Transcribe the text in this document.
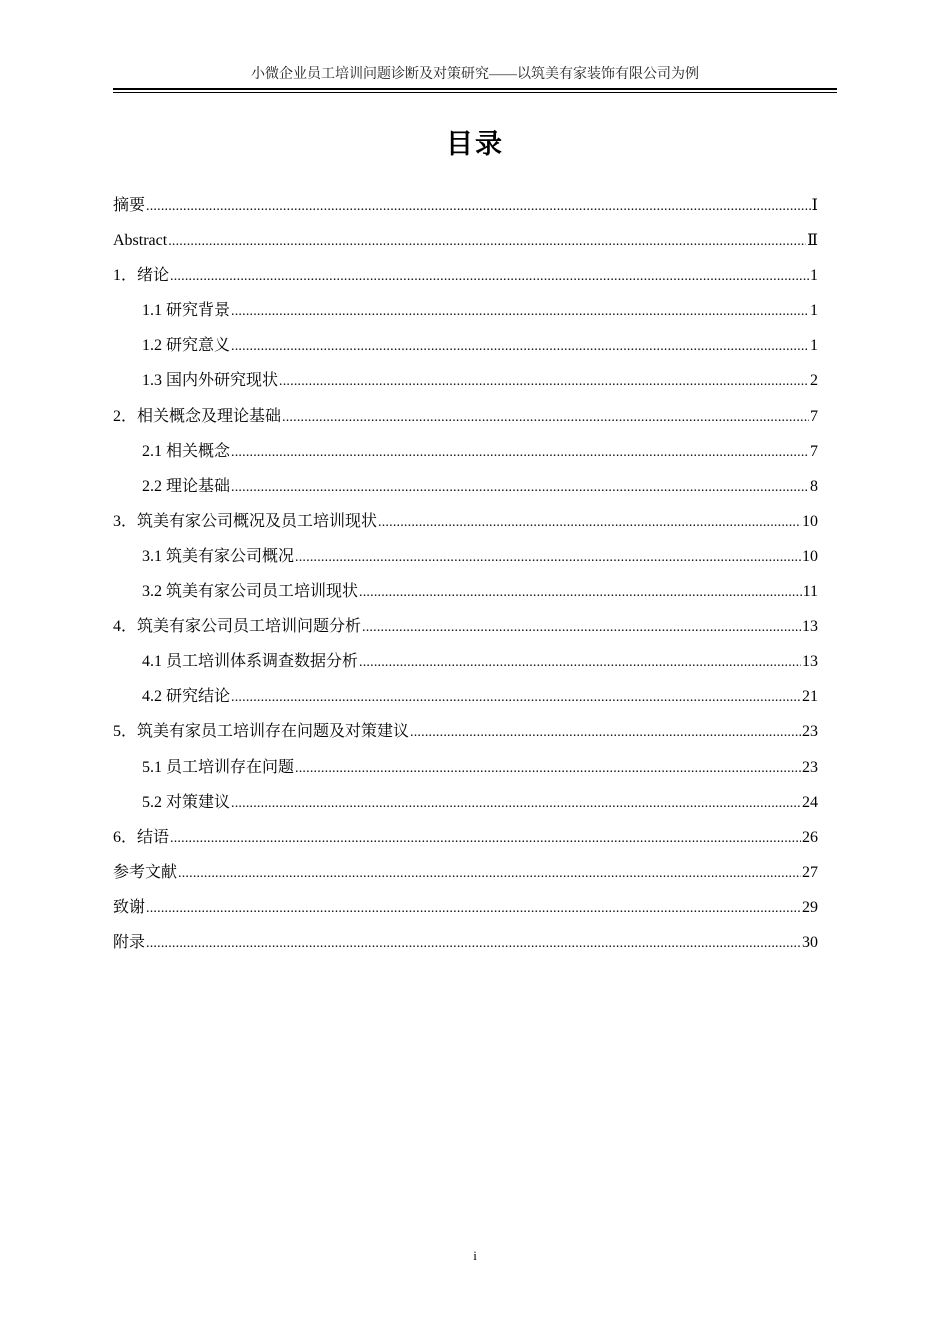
小微企业员工培训问题诊断及对策研究——以筑美有家装饰有限公司为例
目录
摘要 .....	Ⅰ
Abstract .....	Ⅱ
1．绪论 .....	1
1.1 研究背景 .....	1
1.2 研究意义 .....	1
1.3 国内外研究现状 .....	2
2．相关概念及理论基础 .....	7
2.1 相关概念 .....	7
2.2 理论基础 .....	8
3．筑美有家公司概况及员工培训现状 .....	10
3.1 筑美有家公司概况 .....	10
3.2 筑美有家公司员工培训现状 .....	11
4．筑美有家公司员工培训问题分析 .....	13
4.1 员工培训体系调查数据分析 .....	13
4.2 研究结论 .....	21
5．筑美有家员工培训存在问题及对策建议 .....	23
5.1 员工培训存在问题 .....	23
5.2 对策建议 .....	24
6．结语 .....	26
参考文献 .....	27
致谢 .....	29
附录 .....	30
i
